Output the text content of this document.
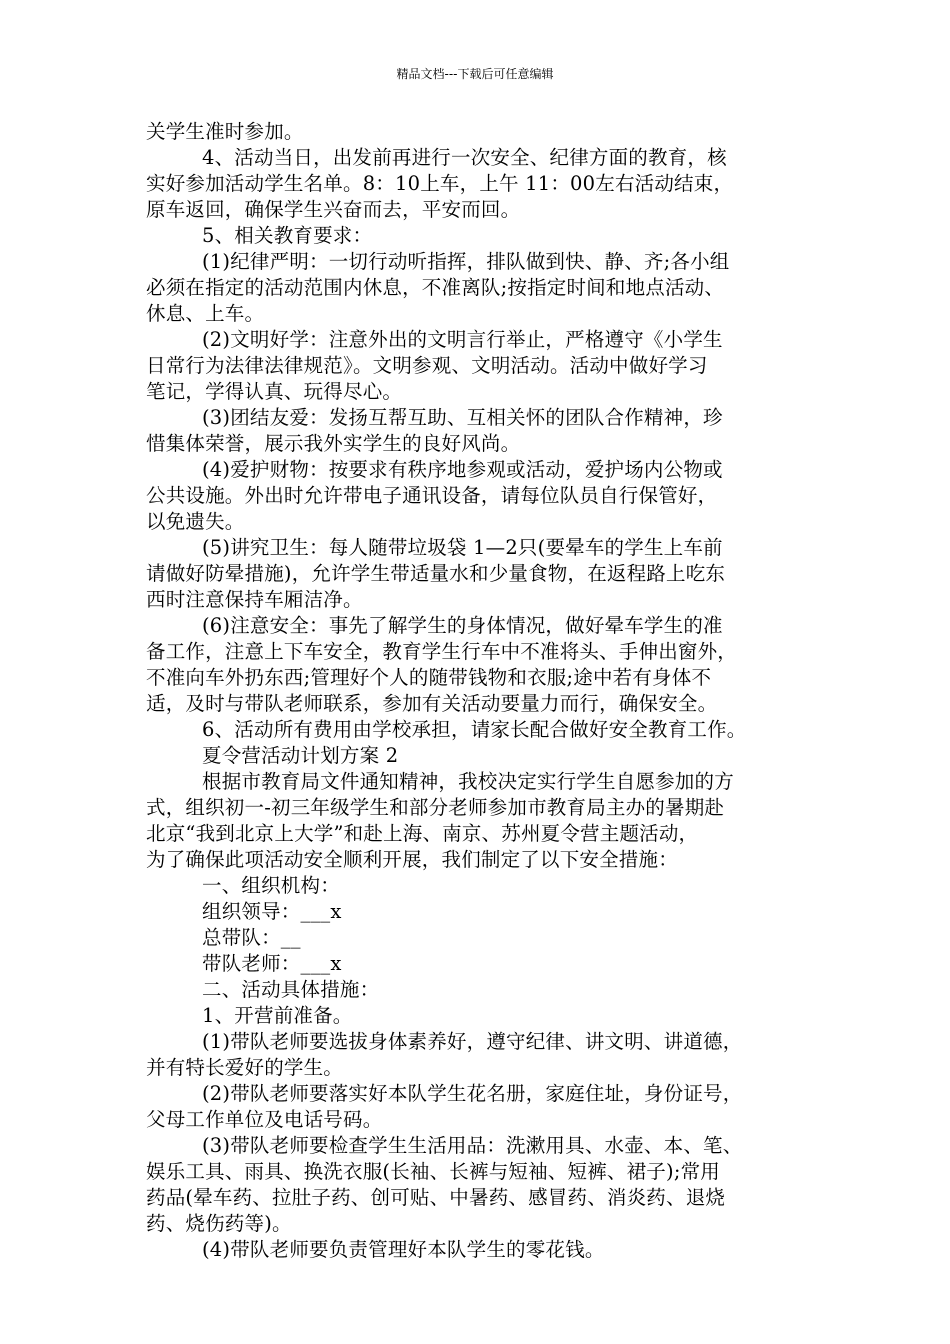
精品文档---下载后可任意编辑
关学生准时参加。
4、活动当日，出发前再进行一次安全、纪律方面的教育，核
实好参加活动学生名单。8：10上车，上午 11：00左右活动结束，
原车返回，确保学生兴奋而去，平安而回。
5、相关教育要求：
(1)纪律严明：一切行动听指挥，排队做到快、静、齐;各小组
必须在指定的活动范围内休息，不准离队;按指定时间和地点活动、
休息、上车。
(2)文明好学：注意外出的文明言行举止，严格遵守《小学生
日常行为法律法律规范》。文明参观、文明活动。活动中做好学习
笔记，学得认真、玩得尽心。
(3)团结友爱：发扬互帮互助、互相关怀的团队合作精神，珍
惜集体荣誉，展示我外实学生的良好风尚。
(4)爱护财物：按要求有秩序地参观或活动，爱护场内公物或
公共设施。外出时允许带电子通讯设备，请每位队员自行保管好，
以免遗失。
(5)讲究卫生：每人随带垃圾袋 1—2只(要晕车的学生上车前
请做好防晕措施)，允许学生带适量水和少量食物，在返程路上吃东
西时注意保持车厢洁净。
(6)注意安全：事先了解学生的身体情况，做好晕车学生的准
备工作，注意上下车安全，教育学生行车中不准将头、手伸出窗外，
不准向车外扔东西;管理好个人的随带钱物和衣服;途中若有身体不
适，及时与带队老师联系，参加有关活动要量力而行，确保安全。
6、活动所有费用由学校承担，请家长配合做好安全教育工作。
夏令营活动计划方案 2
根据市教育局文件通知精神，我校决定实行学生自愿参加的方
式，组织初一-初三年级学生和部分老师参加市教育局主办的暑期赴
北京“我到北京上大学”和赴上海、南京、苏州夏令营主题活动，
为了确保此项活动安全顺利开展，我们制定了以下安全措施：
一、组织机构：
组织领导：___x
总带队：__
带队老师：___x
二、活动具体措施：
1、开营前准备。
(1)带队老师要选拔身体素养好，遵守纪律、讲文明、讲道德，
并有特长爱好的学生。
(2)带队老师要落实好本队学生花名册，家庭住址，身份证号，
父母工作单位及电话号码。
(3)带队老师要检查学生生活用品：洗漱用具、水壶、本、笔、
娱乐工具、雨具、换洗衣服(长袖、长裤与短袖、短裤、裙子);常用
药品(晕车药、拉肚子药、创可贴、中暑药、感冒药、消炎药、退烧
药、烧伤药等)。
(4)带队老师要负责管理好本队学生的零花钱。
